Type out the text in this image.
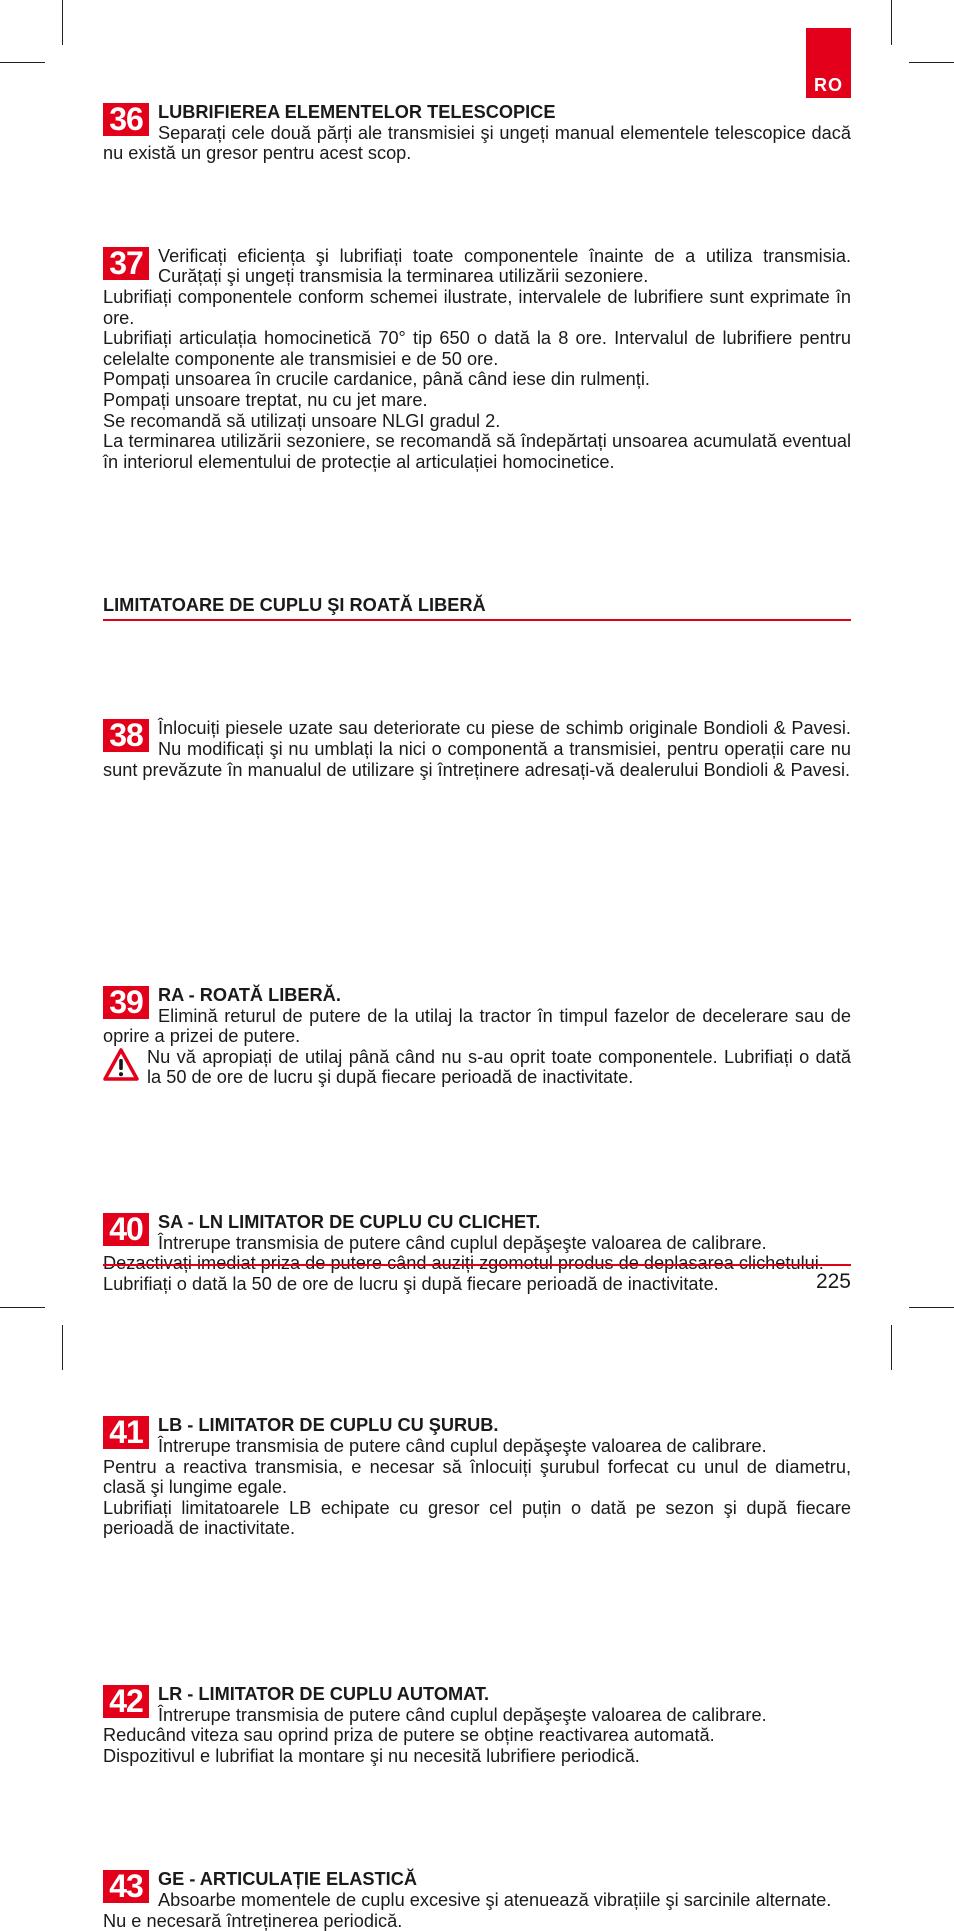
RO
36 LUBRIFIEREA ELEMENTELOR TELESCOPICE

Separați cele două părți ale transmisiei şi ungeți manual elementele telescopice dacă nu există un gresor pentru acest scop.

37 Verificați eficiența şi lubrifiați toate componentele înainte de a utiliza transmisia. Curățați şi ungeți transmisia la terminarea utilizării sezoniere.

Lubrifiați componentele conform schemei ilustrate, intervalele de lubrifiere sunt exprimate în ore.

Lubrifiați articulația homocinetică 70° tip 650 o dată la 8 ore. Intervalul de lubrifiere pentru celelalte componente ale transmisiei e de 50 ore.

Pompați unsoarea în crucile cardanice, până când iese din rulmenți.

Pompați unsoare treptat, nu cu jet mare.

Se recomandă să utilizați unsoare NLGI gradul 2.

La terminarea utilizării sezoniere, se recomandă să îndepărtați unsoarea acumulată eventual în interiorul elementului de protecție al articulației homocinetice.

38 Înlocuiți piesele uzate sau deteriorate cu piese de schimb originale Bondioli & Pavesi. Nu modificați şi nu umblați la nici o componentă a transmisiei, pentru operații care nu sunt prevăzute în manualul de utilizare şi întreținere adresați-vă dealerului Bondioli & Pavesi.

LIMITATOARE DE CUPLU ŞI ROATĂ LIBERĂ

39 RA - ROATĂ LIBERĂ.

Elimină returul de putere de la utilaj la tractor în timpul fazelor de decelerare sau de oprire a prizei de putere.

Nu vă apropiați de utilaj până când nu s-au oprit toate componentele. Lubrifiați o dată la 50 de ore de lucru şi după fiecare perioadă de inactivitate.

40 SA - LN LIMITATOR DE CUPLU CU CLICHET.

Întrerupe transmisia de putere când cuplul depăşeşte valoarea de calibrare.

Lubrifiați o dată la 50 de ore de lucru şi după fiecare perioadă de inactivitate.

41 LB - LIMITATOR DE CUPLU CU ŞURUB.

Întrerupe transmisia de putere când cuplul depăşeşte valoarea de calibrare.

Pentru a reactiva transmisia, e necesar să înlocuiți şurubul forfecat cu unul de diametru, clasă şi lungime egale.

Lubrifiați limitatoarele LB echipate cu gresor cel puțin o dată pe sezon şi după fiecare perioadă de inactivitate.

42 LR - LIMITATOR DE CUPLU AUTOMAT.

Întrerupe transmisia de putere când cuplul depăşeşte valoarea de calibrare.

Reducând viteza sau oprind priza de putere se obține reactivarea automată.

Dispozitivul e lubrifiat la montare şi nu necesită lubrifiere periodică.

43 GE - ARTICULAȚIE ELASTICĂ

Absoarbe momentele de cuplu excesive şi atenuează vibrațiile şi sarcinile alternate.

Nu e necesară întreținerea periodică.

225
